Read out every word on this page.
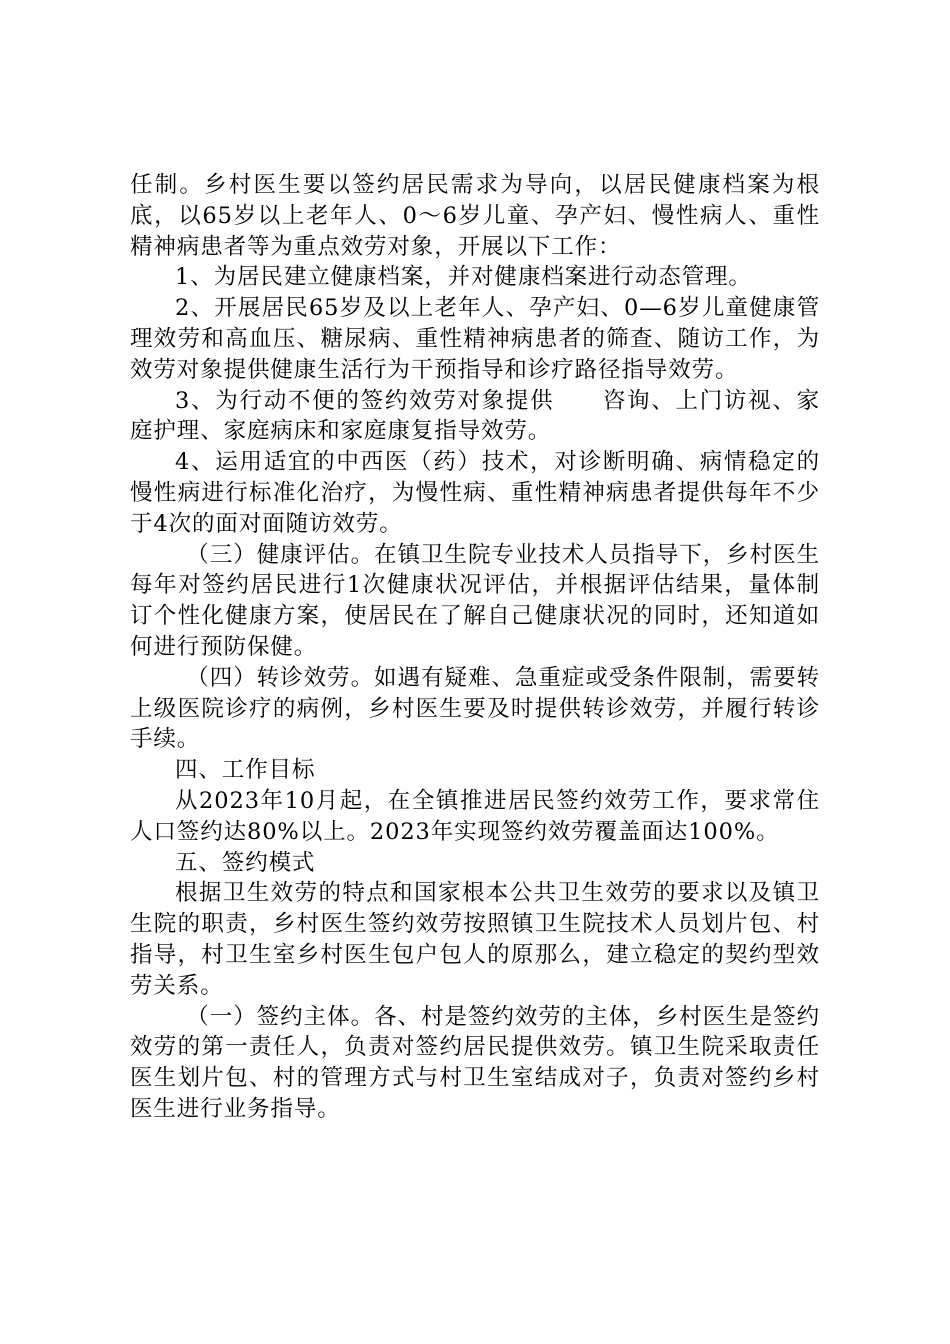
任制。乡村医生要以签约居民需求为导向，以居民健康档案为根底，以65岁以上老年人、0～6岁儿童、孕产妇、慢性病人、重性精神病患者等为重点效劳对象，开展以下工作：

1、为居民建立健康档案，并对健康档案进行动态管理。

2、开展居民65岁及以上老年人、孕产妇、0—6岁儿童健康管理效劳和高血压、糖尿病、重性精神病患者的筛查、随访工作，为效劳对象提供健康生活行为干预指导和诊疗路径指导效劳。

3、为行动不便的签约效劳对象提供　　咨询、上门访视、家庭护理、家庭病床和家庭康复指导效劳。

4、运用适宜的中西医（药）技术，对诊断明确、病情稳定的慢性病进行标准化治疗，为慢性病、重性精神病患者提供每年不少于4次的面对面随访效劳。

（三）健康评估。在镇卫生院专业技术人员指导下，乡村医生每年对签约居民进行1次健康状况评估，并根据评估结果，量体制订个性化健康方案，使居民在了解自己健康状况的同时，还知道如何进行预防保健。

（四）转诊效劳。如遇有疑难、急重症或受条件限制，需要转上级医院诊疗的病例，乡村医生要及时提供转诊效劳，并履行转诊手续。

四、工作目标

从2023年10月起，在全镇推进居民签约效劳工作，要求常住人口签约达80%以上。2023年实现签约效劳覆盖面达100%。

五、签约模式

根据卫生效劳的特点和国家根本公共卫生效劳的要求以及镇卫生院的职责，乡村医生签约效劳按照镇卫生院技术人员划片包、村指导，村卫生室乡村医生包户包人的原那么，建立稳定的契约型效劳关系。

（一）签约主体。各、村是签约效劳的主体，乡村医生是签约效劳的第一责任人，负责对签约居民提供效劳。镇卫生院采取责任医生划片包、村的管理方式与村卫生室结成对子，负责对签约乡村医生进行业务指导。
